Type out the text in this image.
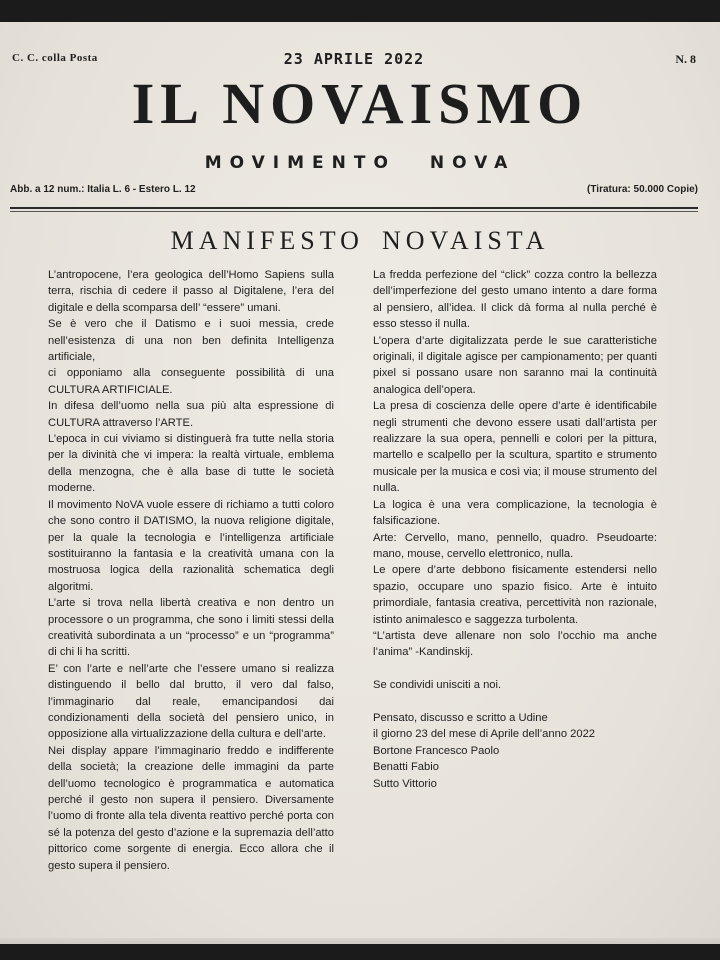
C. C. colla Posta	23 APRILE 2022	N. 8
IL NOVAISMO
MOVIMENTO NOVA
Abb. a 12 num.: Italia L. 6 - Estero L. 12	(Tiratura: 50.000 Copie)
MANIFESTO NOVAISTA

L’antropocene, l’era geologica dell’Homo Sapiens sulla terra, rischia di cedere il passo al Digitalene, l’era del digitale e della scomparsa dell’ “essere” umani.

Se è vero che il Datismo e i suoi messia, crede nell’esistenza di una non ben definita Intelligenza artificiale,

ci opponiamo alla conseguente possibilità di una CULTURA ARTIFICIALE.

In difesa dell’uomo nella sua più alta espressione di CULTURA attraverso l’ARTE.

L’epoca in cui viviamo si distinguerà fra tutte nella storia per la divinità che vi impera: la realtà virtuale, emblema della menzogna, che è alla base di tutte le società moderne.

Il movimento NoVA vuole essere di richiamo a tutti coloro che sono contro il DATISMO, la nuova religione digitale, per la quale la tecnologia e l’intelligenza artificiale sostituiranno la fantasia e la creatività umana con la mostruosa logica della razionalità schematica degli algoritmi.

L’arte si trova nella libertà creativa e non dentro un processore o un programma, che sono i limiti stessi della creatività subordinata a un “processo” e un “programma” di chi li ha scritti.

E’ con l’arte e nell’arte che l’essere umano si realizza distinguendo il bello dal brutto, il vero dal falso, l’immaginario dal reale, emancipandosi dai condizionamenti della società del pensiero unico, in opposizione alla virtualizzazione della cultura e dell’arte.

Nei display appare l’immaginario freddo e indifferente della società; la creazione delle immagini da parte dell’uomo tecnologico è programmatica e automatica perché il gesto non supera il pensiero. Diversamente l’uomo di fronte alla tela diventa reattivo perché porta con sé la potenza del gesto d’azione e la supremazia dell’atto pittorico come sorgente di energia. Ecco allora che il gesto supera il pensiero.

La fredda perfezione del “click” cozza contro la bellezza dell’imperfezione del gesto umano intento a dare forma al pensiero, all’idea. Il click dà forma al nulla perché è esso stesso il nulla.

L’opera d’arte digitalizzata perde le sue caratteristiche originali, il digitale agisce per campionamento; per quanti pixel si possano usare non saranno mai la continuità analogica dell’opera.

La presa di coscienza delle opere d’arte è identificabile negli strumenti che devono essere usati dall’artista per realizzare la sua opera, pennelli e colori per la pittura, martello e scalpello per la scultura, spartito e strumento musicale per la musica e così via; il mouse strumento del nulla.

La logica è una vera complicazione, la tecnologia è falsificazione.

Arte: Cervello, mano, pennello, quadro. Pseudoarte: mano, mouse, cervello elettronico, nulla.

Le opere d’arte debbono fisicamente estendersi nello spazio, occupare uno spazio fisico. Arte è intuito primordiale, fantasia creativa, percettività non razionale, istinto animalesco e saggezza turbolenta.

“L’artista deve allenare non solo l’occhio ma anche l’anima” -Kandinskij.

Se condividi unisciti a noi.

Pensato, discusso e scritto a Udine

il giorno 23 del mese di Aprile dell’anno 2022

Bortone Francesco Paolo

Benatti Fabio

Sutto Vittorio
